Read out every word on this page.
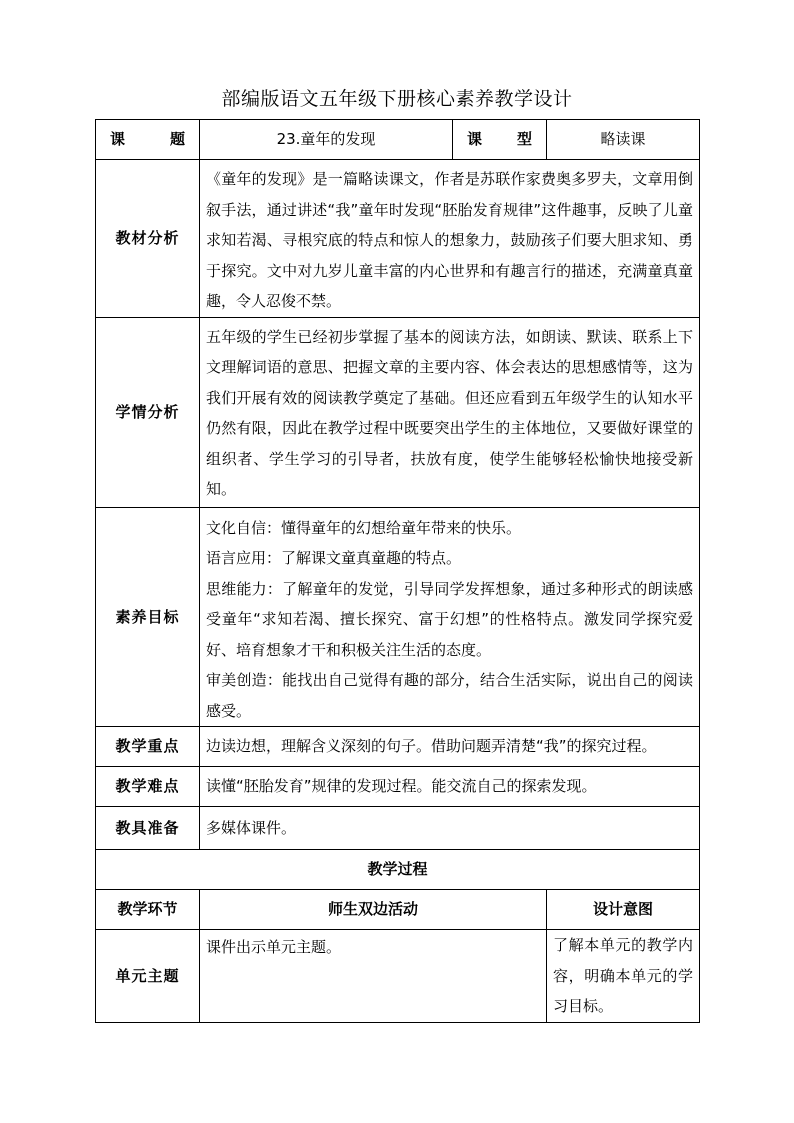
部编版语文五年级下册核心素养教学设计
课 题	23.童年的发现	课 型	略读课
教材分析	《童年的发现》是一篇略读课文，作者是苏联作家费奥多罗夫，文章用倒叙手法，通过讲述“我”童年时发现“胚胎发育规律”这件趣事，反映了儿童求知若渴、寻根究底的特点和惊人的想象力，鼓励孩子们要大胆求知、勇于探究。文中对九岁儿童丰富的内心世界和有趣言行的描述，充满童真童趣，令人忍俊不禁。		
学情分析	五年级的学生已经初步掌握了基本的阅读方法，如朗读、默读、联系上下文理解词语的意思、把握文章的主要内容、体会表达的思想感情等，这为我们开展有效的阅读教学奠定了基础。但还应看到五年级学生的认知水平仍然有限，因此在教学过程中既要突出学生的主体地位，又要做好课堂的组织者、学生学习的引导者，扶放有度，使学生能够轻松愉快地接受新知。		
素养目标	文化自信：懂得童年的幻想给童年带来的快乐。
语言应用：了解课文童真童趣的特点。
思维能力：了解童年的发觉，引导同学发挥想象，通过多种形式的朗读感受童年“求知若渴、擅长探究、富于幻想”的性格特点。激发同学探究爱好、培育想象才干和积极关注生活的态度。
审美创造：能找出自己觉得有趣的部分，结合生活实际，说出自己的阅读感受。		

教学重点	边读边想，理解含义深刻的句子。借助问题弄清楚“我”的探究过程。		
教学难点	读懂“胚胎发育”规律的发现过程。能交流自己的探索发现。		
教具准备	多媒体课件。		
教学过程			
教学环节	师生双边活动		设计意图
单元主题	课件出示单元主题。		了解本单元的教学内容，明确本单元的学习目标。
